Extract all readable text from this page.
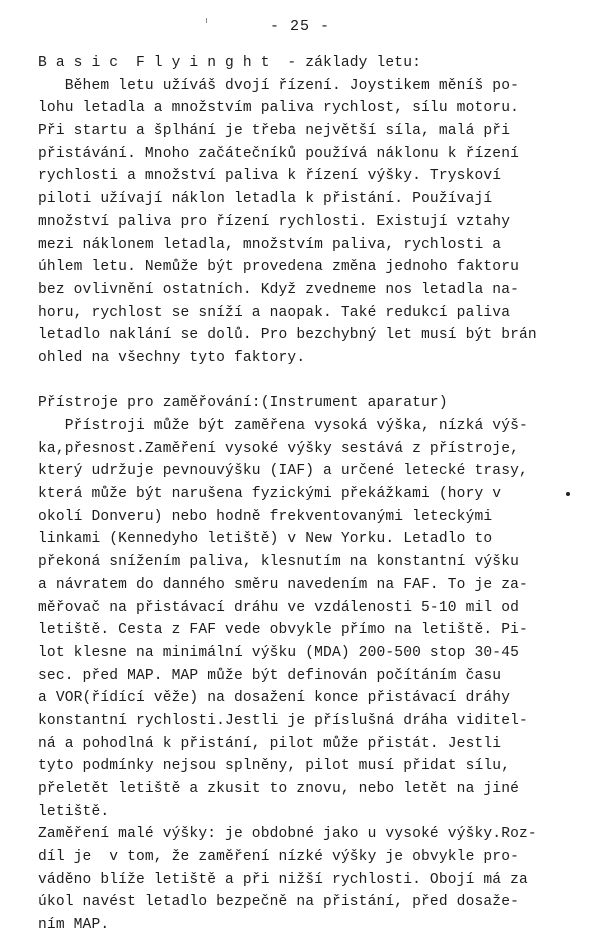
- 25 -
B a s i c  F l y i n g h t  - základy letu:
Během letu užíváš dvojí řízení. Joystikem měníš po-
lohu letadla a množstvím paliva rychlost, sílu motoru.
Při startu a šplhání je třeba největší síla, malá při
přistávání. Mnoho začátečníků používá náklonu k řízení
rychlosti a množství paliva k řízení výšky. Tryskoví
piloti užívají náklon letadla k přistání. Používají
množství paliva pro řízení rychlosti. Existují vztahy
mezi náklonem letadla, množstvím paliva, rychlosti a
úhlem letu. Nemůže být provedena změna jednoho faktoru
bez ovlivnění ostatních. Když zvedneme nos letadla na-
horu, rychlost se sníží a naopak. Také redukcí paliva
letadlo naklání se dolů. Pro bezchybný let musí být brán
ohled na všechny tyto faktory.
Přístroje pro zaměřování:(Instrument aparatur)
Přístroji může být zaměřena vysoká výška, nízká výš-
ka,přesnost.Zaměření vysoké výšky sestává z přístroje,
který udržuje pevnouvýšku (IAF) a určené letecké trasy,
která může být narušena fyzickými překážkami (hory v
okolí Donveru) nebo hodně frekventovanými leteckými
linkami (Kennedyho letiště) v New Yorku. Letadlo to
překoná snížením paliva, klesnutím na konstantní výšku
a návratem do danného směru navedením na FAF. To je za-
měřovač na přistávací dráhu ve vzdálenosti 5-10 mil od
letiště. Cesta z FAF vede obvykle přímo na letiště. Pi-
lot klesne na minimální výšku (MDA) 200-500 stop 30-45
sec. před MAP. MAP může být definován počítáním času
a VOR(řídící věže) na dosažení konce přistávací dráhy
konstantní rychlosti.Jestli je příslušná dráha viditel-
ná a pohodlná k přistání, pilot může přistát. Jestli
tyto podmínky nejsou splněny, pilot musí přidat sílu,
přeletět letiště a zkusit to znovu, nebo letět na jiné
letiště.
Zaměření malé výšky: je obdobné jako u vysoké výšky.Roz-
díl je  v tom, že zaměření nízké výšky je obvykle pro-
váděno blíže letiště a při nižší rychlosti. Obojí má za
úkol navést letadlo bezpečně na přistání, před dosaže-
ním MAP.
